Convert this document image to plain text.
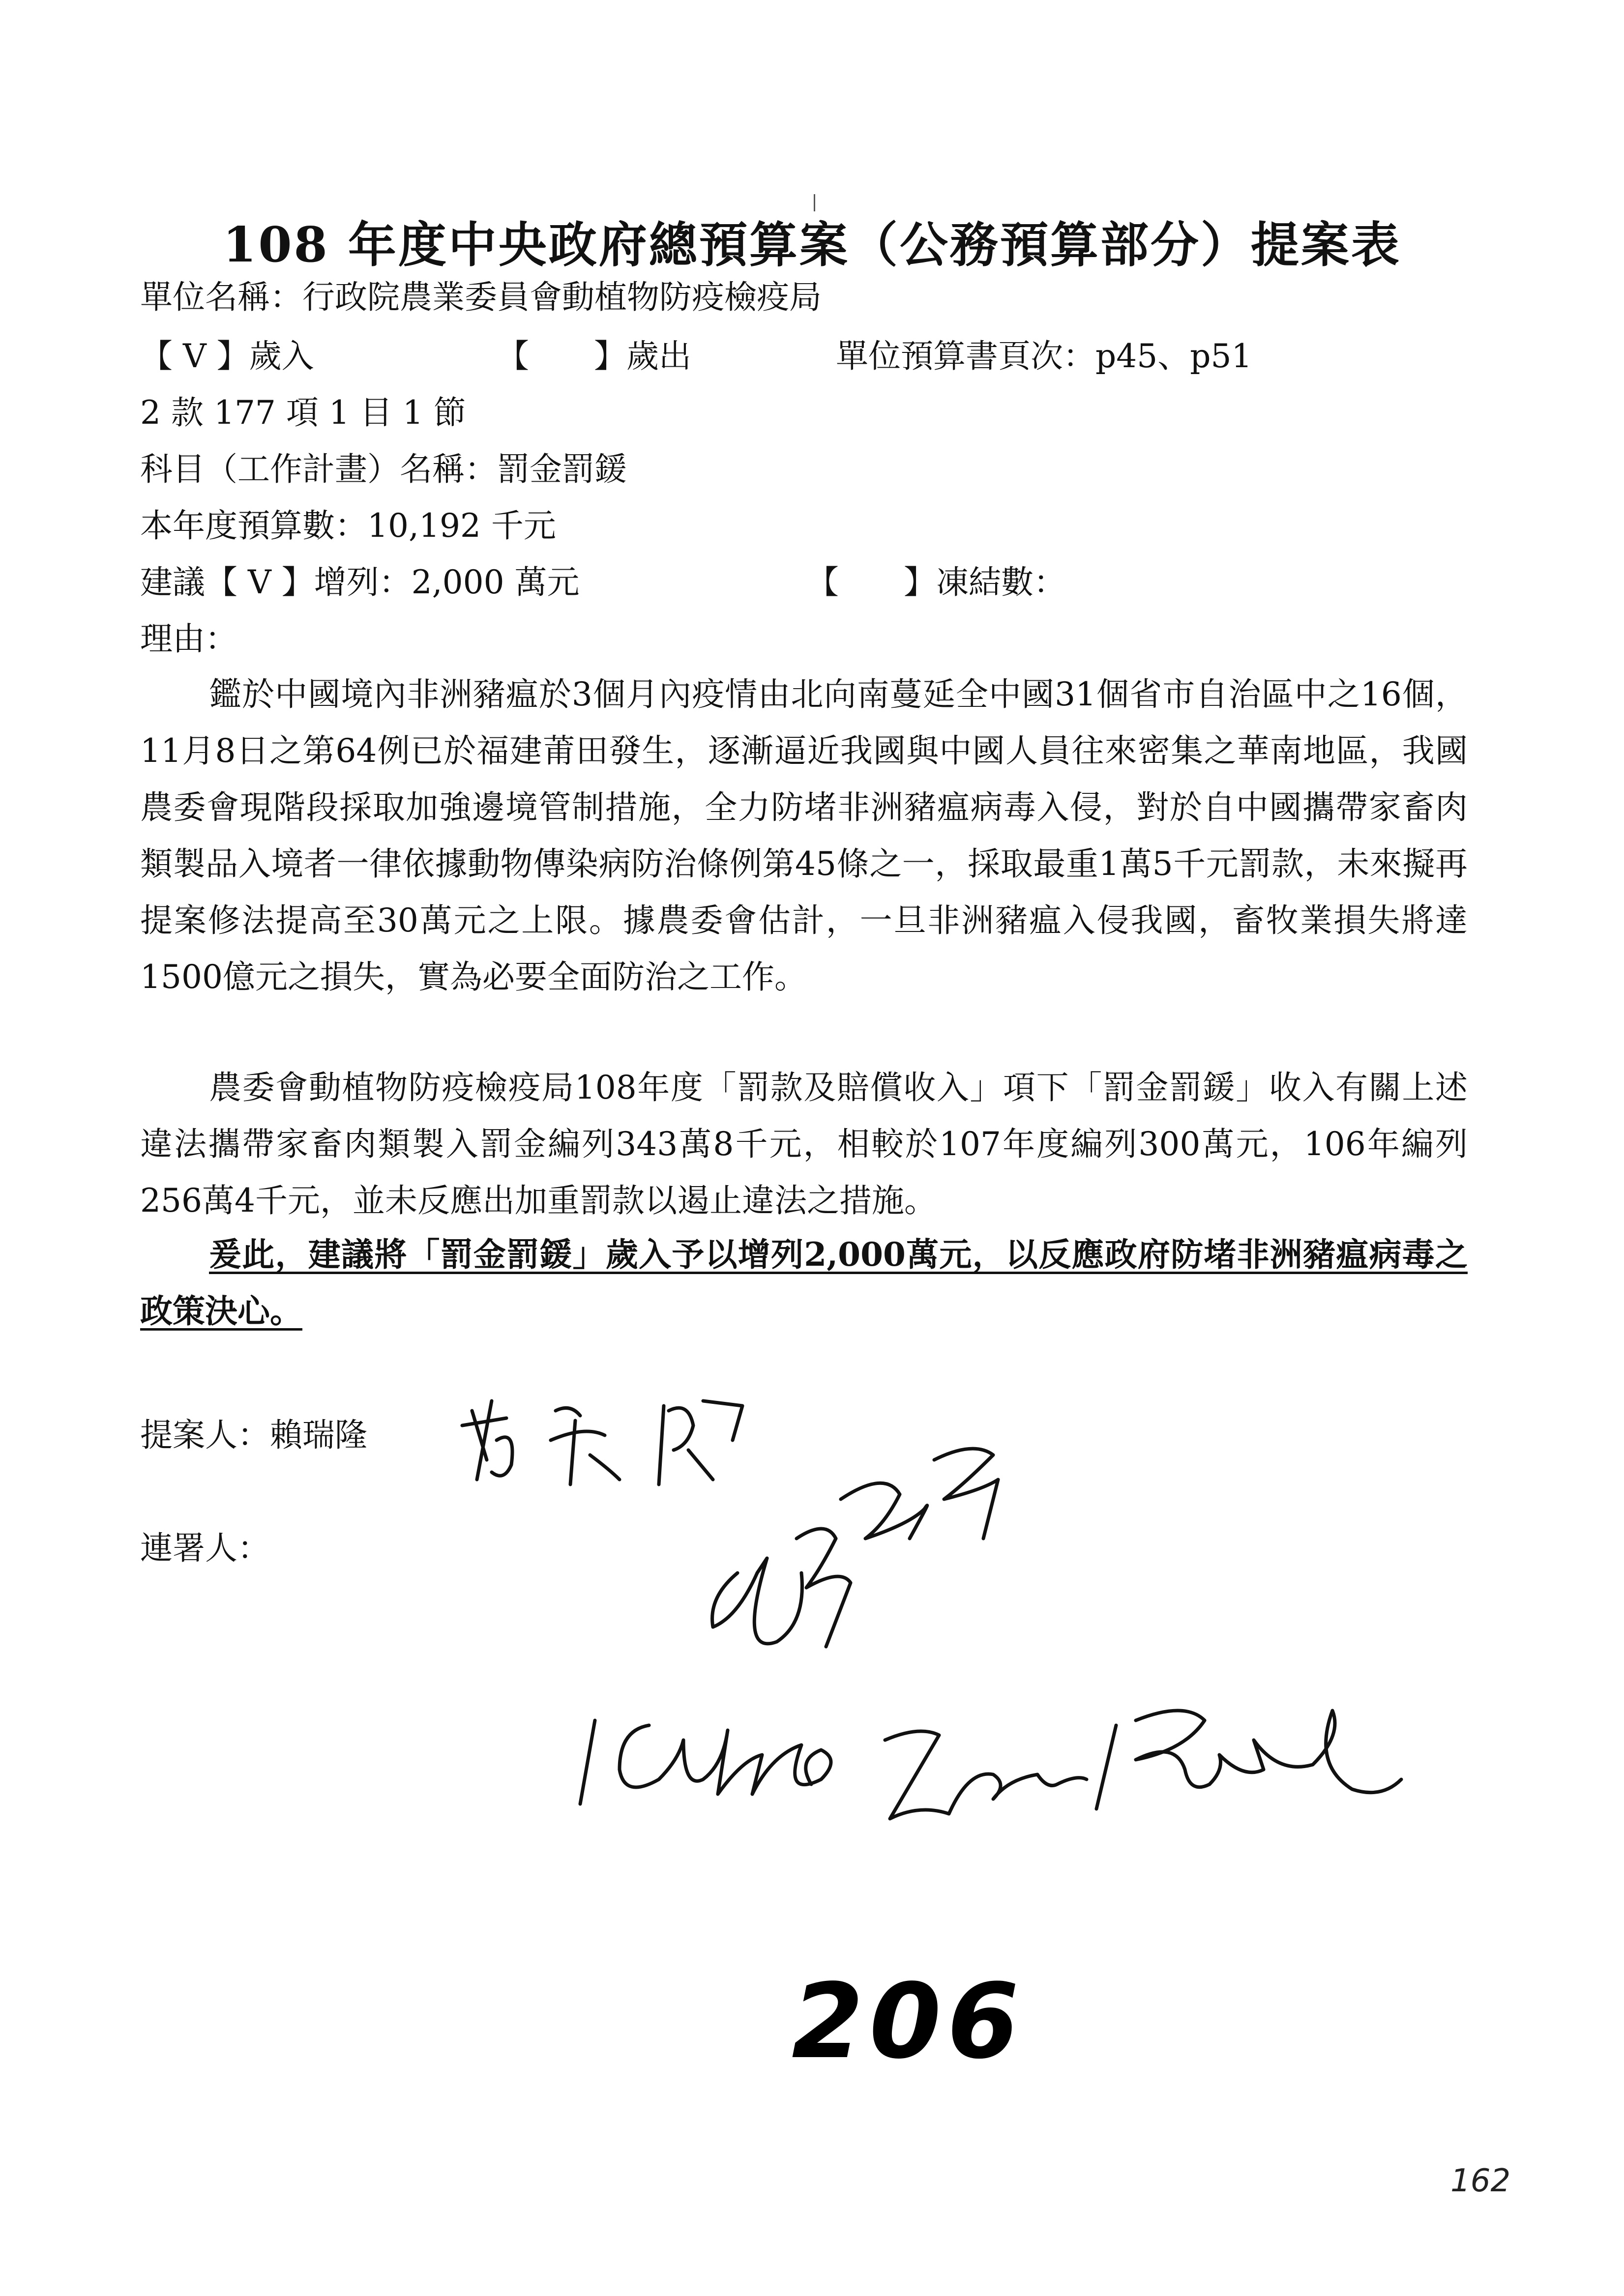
108 年度中央政府總預算案（公務預算部分）提案表
單位名稱：行政院農業委員會動植物防疫檢疫局
【 V 】歲入	【　　】歲出	單位預算書頁次：p45、p51
2 款 177 項 1 目 1 節
科目（工作計畫）名稱：罰金罰鍰
本年度預算數：10,192 千元
建議【 V 】增列：2,000 萬元	【　　】凍結數：
理由：
鑑於中國境內非洲豬瘟於3個月內疫情由北向南蔓延全中國31個省市自治區中之16個，11月8日之第64例已於福建莆田發生，逐漸逼近我國與中國人員往來密集之華南地區，我國農委會現階段採取加強邊境管制措施，全力防堵非洲豬瘟病毒入侵，對於自中國攜帶家畜肉類製品入境者一律依據動物傳染病防治條例第45條之一，採取最重1萬5千元罰款，未來擬再提案修法提高至30萬元之上限。據農委會估計，一旦非洲豬瘟入侵我國，畜牧業損失將達1500億元之損失，實為必要全面防治之工作。
農委會動植物防疫檢疫局108年度「罰款及賠償收入」項下「罰金罰鍰」收入有關上述違法攜帶家畜肉類製入罰金編列343萬8千元，相較於107年度編列300萬元，106年編列256萬4千元，並未反應出加重罰款以遏止違法之措施。
爰此，建議將「罰金罰鍰」歲入予以增列2,000萬元，以反應政府防堵非洲豬瘟病毒之政策決心。
提案人：賴瑞隆
連署人：
206
162
